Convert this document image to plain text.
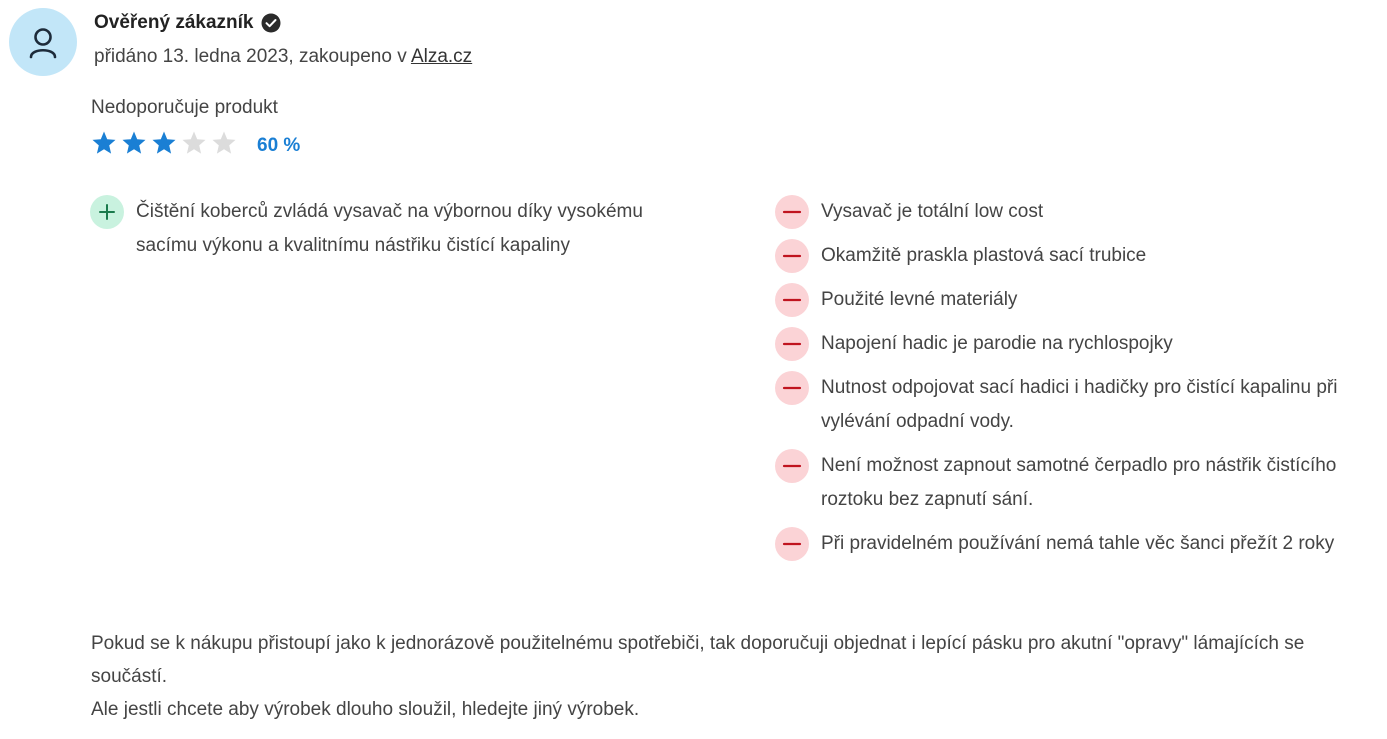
Ověřený zákazník
přidáno 13. ledna 2023, zakoupeno v Alza.cz
Nedoporučuje produkt
60 %
Čištění koberců zvládá vysavač na výbornou díky vysokému sacímu výkonu a kvalitnímu nástřiku čistící kapaliny
Vysavač je totální low cost
Okamžitě praskla plastová sací trubice
Použité levné materiály
Napojení hadic je parodie na rychlospojky
Nutnost odpojovat sací hadici i hadičky pro čistící kapalinu při vylévání odpadní vody.
Není možnost zapnout samotné čerpadlo pro nástřik čistícího roztoku bez zapnutí sání.
Při pravidelném používání nemá tahle věc šanci přežít 2 roky

Pokud se k nákupu přistoupí jako k jednorázově použitelnému spotřebiči, tak doporučuji objednat i lepící pásku pro akutní "opravy" lámajících se součástí.

Ale jestli chcete aby výrobek dlouho sloužil, hledejte jiný výrobek.
